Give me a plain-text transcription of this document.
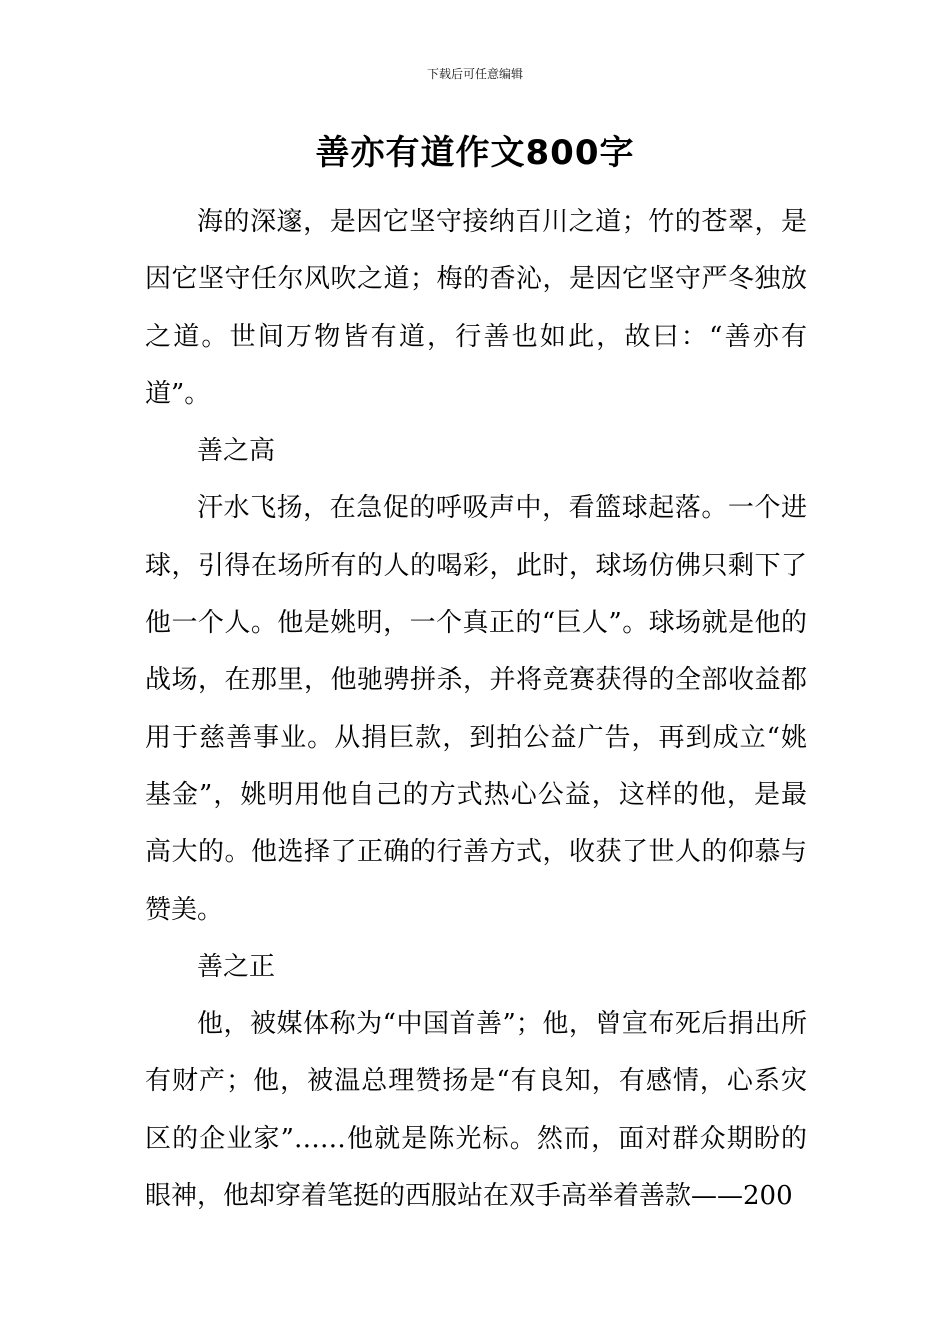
下载后可任意编辑
善亦有道作文800字

海的深邃，是因它坚守接纳百川之道；竹的苍翠，是因它坚守任尔风吹之道；梅的香沁，是因它坚守严冬独放之道。世间万物皆有道，行善也如此，故曰：“善亦有道”。

善之高

汗水飞扬，在急促的呼吸声中，看篮球起落。一个进球，引得在场所有的人的喝彩，此时，球场仿佛只剩下了他一个人。他是姚明，一个真正的“巨人”。球场就是他的战场，在那里，他驰骋拼杀，并将竞赛获得的全部收益都用于慈善事业。从捐巨款，到拍公益广告，再到成立“姚基金”，姚明用他自己的方式热心公益，这样的他，是最高大的。他选择了正确的行善方式，收获了世人的仰慕与赞美。

善之正

他，被媒体称为“中国首善”；他，曾宣布死后捐出所有财产；他，被温总理赞扬是“有良知，有感情，心系灾区的企业家”……他就是陈光标。然而，面对群众期盼的眼神，他却穿着笔挺的西服站在双手高举着善款——200
